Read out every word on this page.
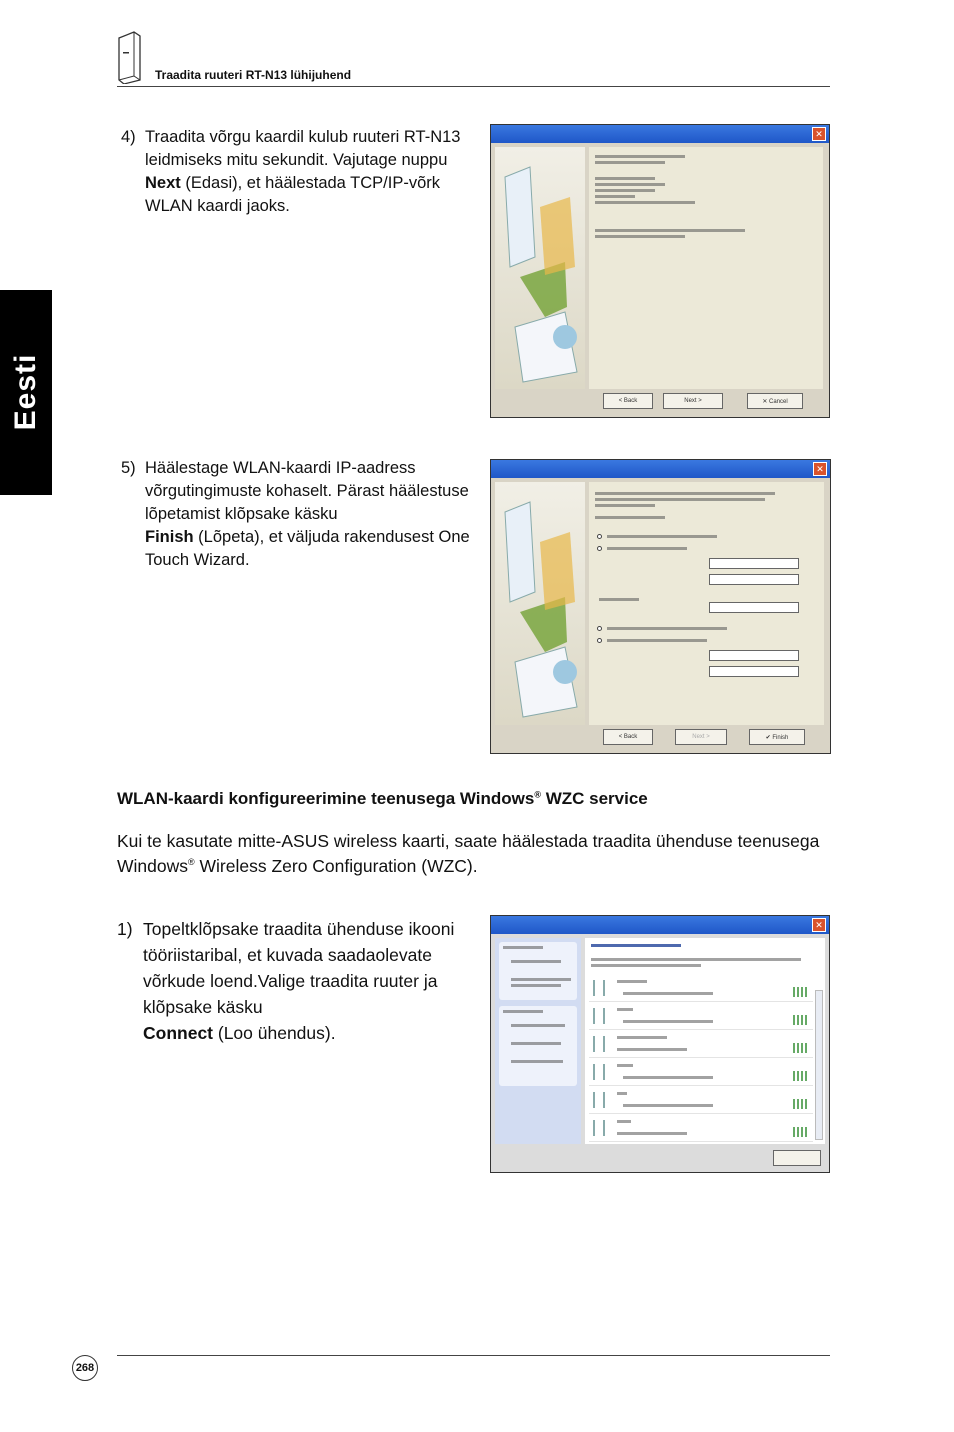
Traadita ruuteri RT-N13 lühijuhend
Eesti
4) Traadita võrgu kaardil kulub ruuteri RT-N13 leidmiseks mitu sekundit. Vajutage nuppu
Next (Edasi), et häälestada TCP/IP-võrk WLAN kaardi jaoks.
✕
< Back	Next >	✕ Cancel
5) Häälestage WLAN-kaardi IP-aadress võrgutingimuste kohaselt. Pärast häälestuse lõpetamist klõpsake käsku
Finish (Lõpeta), et väljuda rakendusest One Touch Wizard.
✕
< Back	Next >	✔ Finish
WLAN-kaardi konfigureerimine teenusega Windows® WZC service
Kui te kasutate mitte-ASUS wireless kaarti, saate häälestada traadita ühenduse teenusega Windows® Wireless Zero Configuration (WZC).
1) Topeltklõpsake traadita ühenduse ikooni tööriistaribal, et kuvada saadaolevate võrkude loend.Valige traadita ruuter ja klõpsake käsku
Connect (Loo ühendus).
✕
268
